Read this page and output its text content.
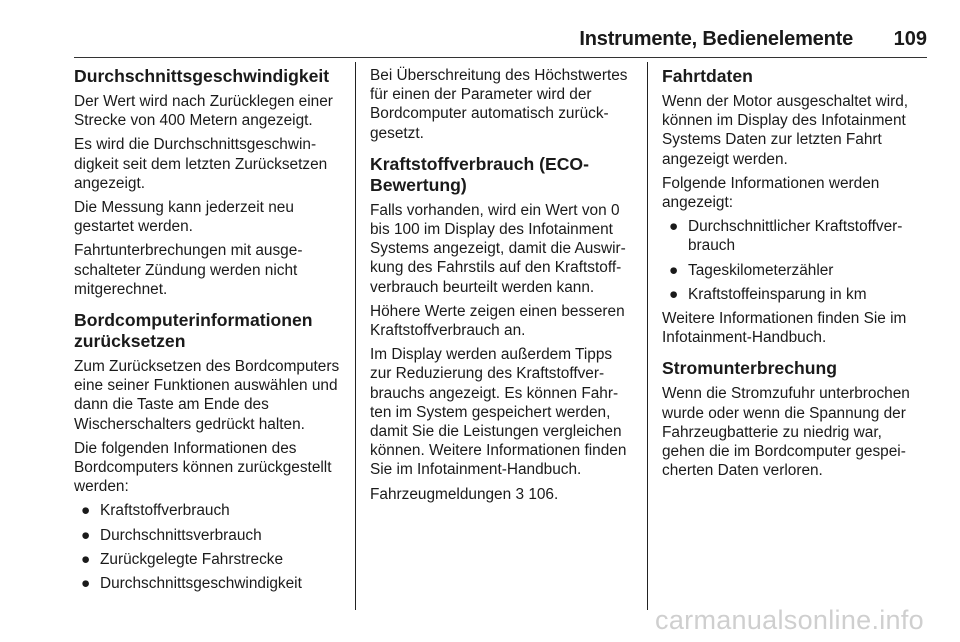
Instrumente, Bedienelemente 109
Durchschnittsgeschwindigkeit

Der Wert wird nach Zurücklegen einer Strecke von 400 Metern angezeigt.

Es wird die Durchschnittsgeschwindigkeit seit dem letzten Zurücksetzen angezeigt.

Die Messung kann jederzeit neu gestartet werden.

Fahrtunterbrechungen mit ausgeschalteter Zündung werden nicht mitgerechnet.

Bordcomputerinformationen zurücksetzen

Zum Zurücksetzen des Bordcomputers eine seiner Funktionen auswählen und dann die Taste am Ende des Wischerschalters gedrückt halten.

Die folgenden Informationen des Bordcomputers können zurückgestellt werden:

● Kraftstoffverbrauch
● Durchschnittsverbrauch
● Zurückgelegte Fahrstrecke
● Durchschnittsgeschwindigkeit

Bei Überschreitung des Höchstwertes für einen der Parameter wird der Bordcomputer automatisch zurückgesetzt.

Kraftstoffverbrauch (ECO-Bewertung)

Falls vorhanden, wird ein Wert von 0 bis 100 im Display des Infotainment Systems angezeigt, damit die Auswirkung des Fahrstils auf den Kraftstoffverbrauch beurteilt werden kann.

Höhere Werte zeigen einen besseren Kraftstoffverbrauch an.

Im Display werden außerdem Tipps zur Reduzierung des Kraftstoffverbrauchs angezeigt. Es können Fahrten im System gespeichert werden, damit Sie die Leistungen vergleichen können. Weitere Informationen finden Sie im Infotainment-Handbuch.

Fahrzeugmeldungen 3 106.

Fahrtdaten

Wenn der Motor ausgeschaltet wird, können im Display des Infotainment Systems Daten zur letzten Fahrt angezeigt werden.

Folgende Informationen werden angezeigt:

● Durchschnittlicher Kraftstoffverbrauch
● Tageskilometerzähler
● Kraftstoffeinsparung in km

Weitere Informationen finden Sie im Infotainment-Handbuch.

Stromunterbrechung

Wenn die Stromzufuhr unterbrochen wurde oder wenn die Spannung der Fahrzeugbatterie zu niedrig war, gehen die im Bordcomputer gespeicherten Daten verloren.

carmanualsonline.info
